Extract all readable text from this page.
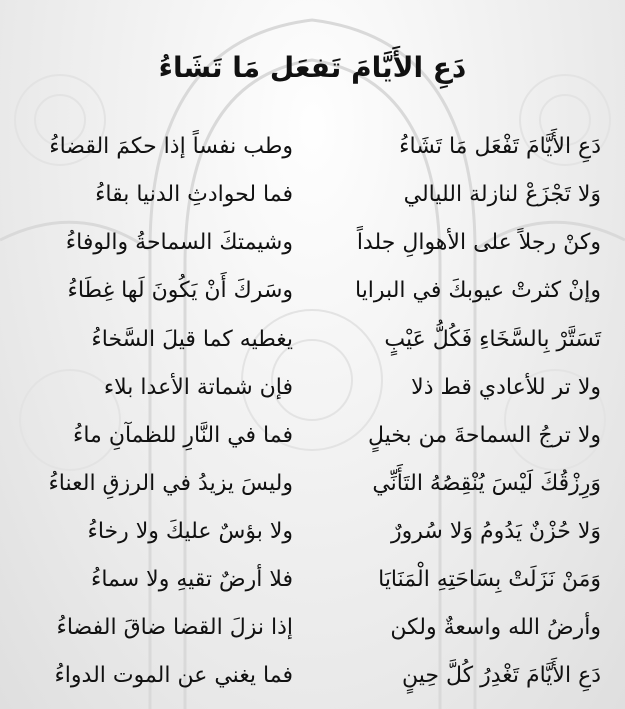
دَعِ الأَيَّامَ تَفعَل مَا تَشَاءُ
دَعِ الأَيَّامَ تَفْعَل مَا تَشَاءُ
وطب نفساً إذا حكمَ القضاءُ
وَلا تَجْزَعْ لنازلة الليالي
فما لحوادثِ الدنيا بقاءُ
وكنْ رجلاً على الأهوالِ جلداً
وشيمتكَ السماحةُ والوفاءُ
وإنْ كثرتْ عيوبكَ في البرايا
وسَركَ أَنْ يَكُونَ لَها غِطَاءُ
تَسَتَّرْ بِالسَّخَاءِ فَكُلُّ عَيْبٍ
يغطيه كما قيلَ السَّخاءُ
ولا تر للأعادي قط ذلا
فإن شماتة الأعدا بلاء
ولا ترجُ السماحةَ من بخيلٍ
فما في النَّارِ للظمآنِ ماءُ
وَرِزْقُكَ لَيْسَ يُنْقِصُهُ التَأَنِّي
وليسَ يزيدُ في الرزقِ العناءُ
وَلا حُزْنٌ يَدُومُ وَلا سُرورٌ
ولا بؤسٌ عليكَ ولا رخاءُ
وَمَنْ نَزَلَتْ بِسَاحَتِهِ الْمَنَايَا
فلا أرضٌ تقيهِ ولا سماءُ
وأرضُ الله واسعةٌ ولكن
إذا نزلَ القضا ضاقَ الفضاءُ
دَعِ الأَيَّامَ تَغْدِرُ كُلَّ حِينٍ
فما يغني عن الموت الدواءُ
